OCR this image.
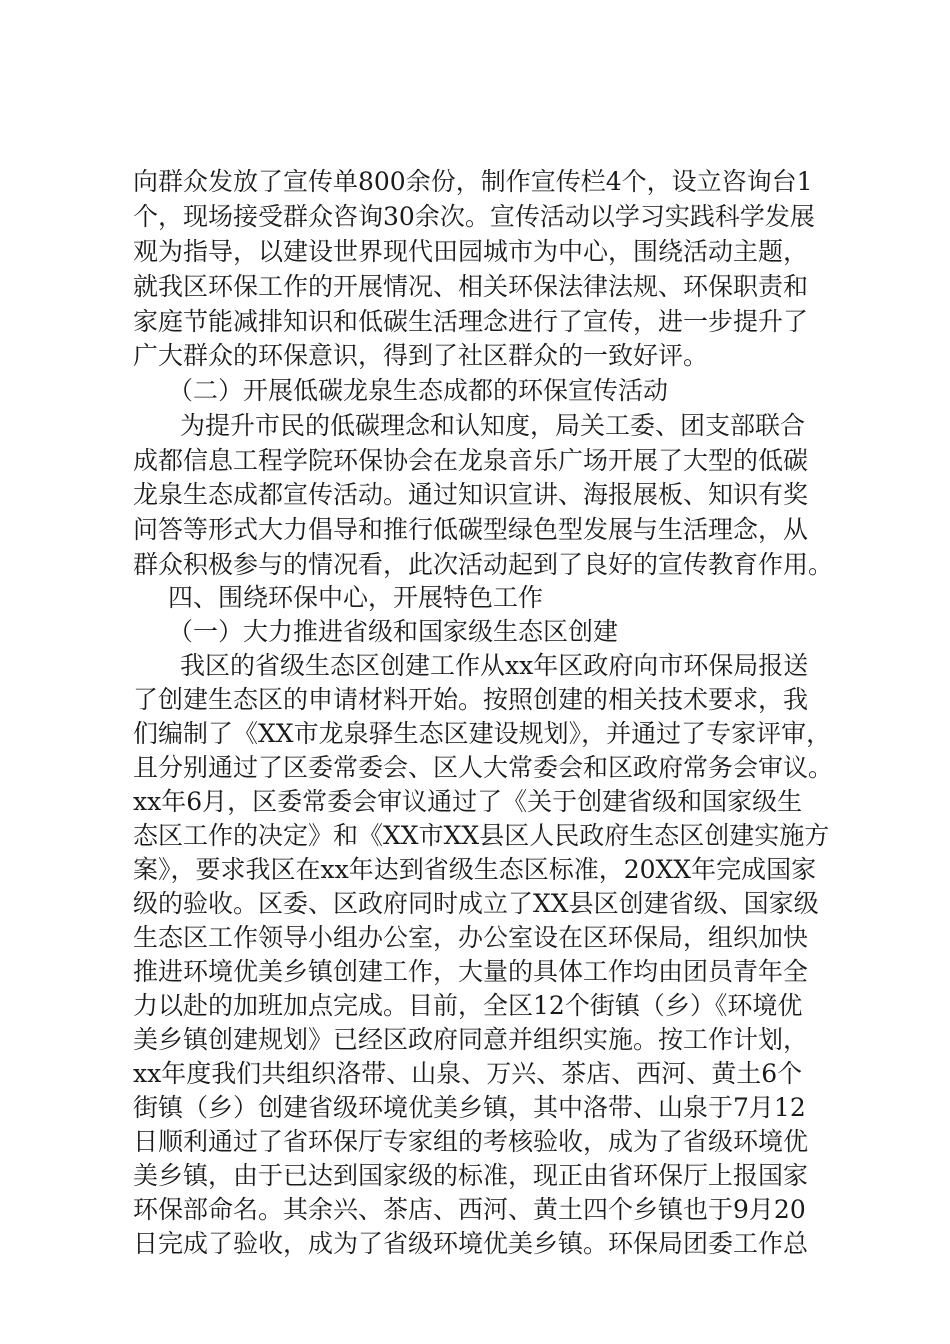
向群众发放了宣传单800余份，制作宣传栏4个，设立咨询台1
个，现场接受群众咨询30余次。宣传活动以学习实践科学发展
观为指导，以建设世界现代田园城市为中心，围绕活动主题，
就我区环保工作的开展情况、相关环保法律法规、环保职责和
家庭节能减排知识和低碳生活理念进行了宣传，进一步提升了
广大群众的环保意识，得到了社区群众的一致好评。
（二）开展低碳龙泉生态成都的环保宣传活动
为提升市民的低碳理念和认知度，局关工委、团支部联合
成都信息工程学院环保协会在龙泉音乐广场开展了大型的低碳
龙泉生态成都宣传活动。通过知识宣讲、海报展板、知识有奖
问答等形式大力倡导和推行低碳型绿色型发展与生活理念，从
群众积极参与的情况看，此次活动起到了良好的宣传教育作用。
四、围绕环保中心，开展特色工作
（一）大力推进省级和国家级生态区创建
我区的省级生态区创建工作从xx年区政府向市环保局报送
了创建生态区的申请材料开始。按照创建的相关技术要求，我
们编制了《XX市龙泉驿生态区建设规划》，并通过了专家评审，
且分别通过了区委常委会、区人大常委会和区政府常务会审议。
xx年6月，区委常委会审议通过了《关于创建省级和国家级生
态区工作的决定》和《XX市XX县区人民政府生态区创建实施方
案》，要求我区在xx年达到省级生态区标准，20XX年完成国家
级的验收。区委、区政府同时成立了XX县区创建省级、国家级
生态区工作领导小组办公室，办公室设在区环保局，组织加快
推进环境优美乡镇创建工作，大量的具体工作均由团员青年全
力以赴的加班加点完成。目前，全区12个街镇（乡）《环境优
美乡镇创建规划》已经区政府同意并组织实施。按工作计划，
xx年度我们共组织洛带、山泉、万兴、茶店、西河、黄土6个
街镇（乡）创建省级环境优美乡镇，其中洛带、山泉于7月12
日顺利通过了省环保厅专家组的考核验收，成为了省级环境优
美乡镇，由于已达到国家级的标准，现正由省环保厅上报国家
环保部命名。其余兴、茶店、西河、黄土四个乡镇也于9月20
日完成了验收，成为了省级环境优美乡镇。环保局团委工作总
